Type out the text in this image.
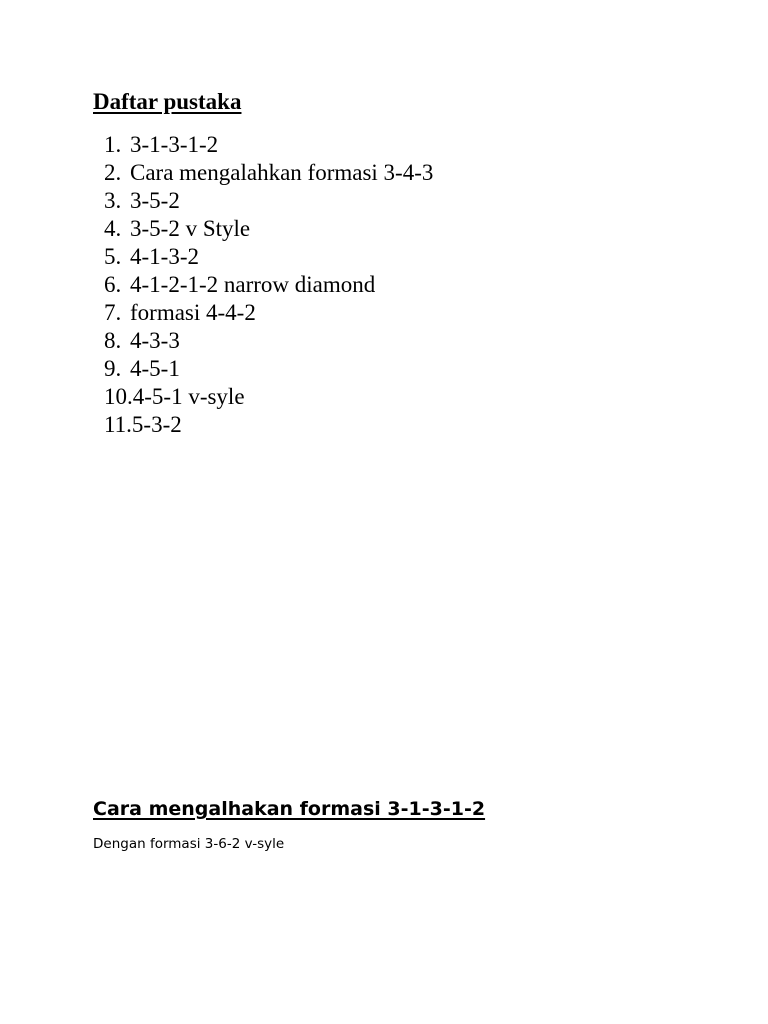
Daftar pustaka
1. 3-1-3-1-2
2. Cara mengalahkan formasi 3-4-3
3. 3-5-2
4. 3-5-2 v Style
5. 4-1-3-2
6. 4-1-2-1-2 narrow diamond
7. formasi 4-4-2
8. 4-3-3
9. 4-5-1
10. 4-5-1 v-syle
11. 5-3-2
Cara mengalhakan formasi 3-1-3-1-2

Dengan formasi 3-6-2 v-syle
